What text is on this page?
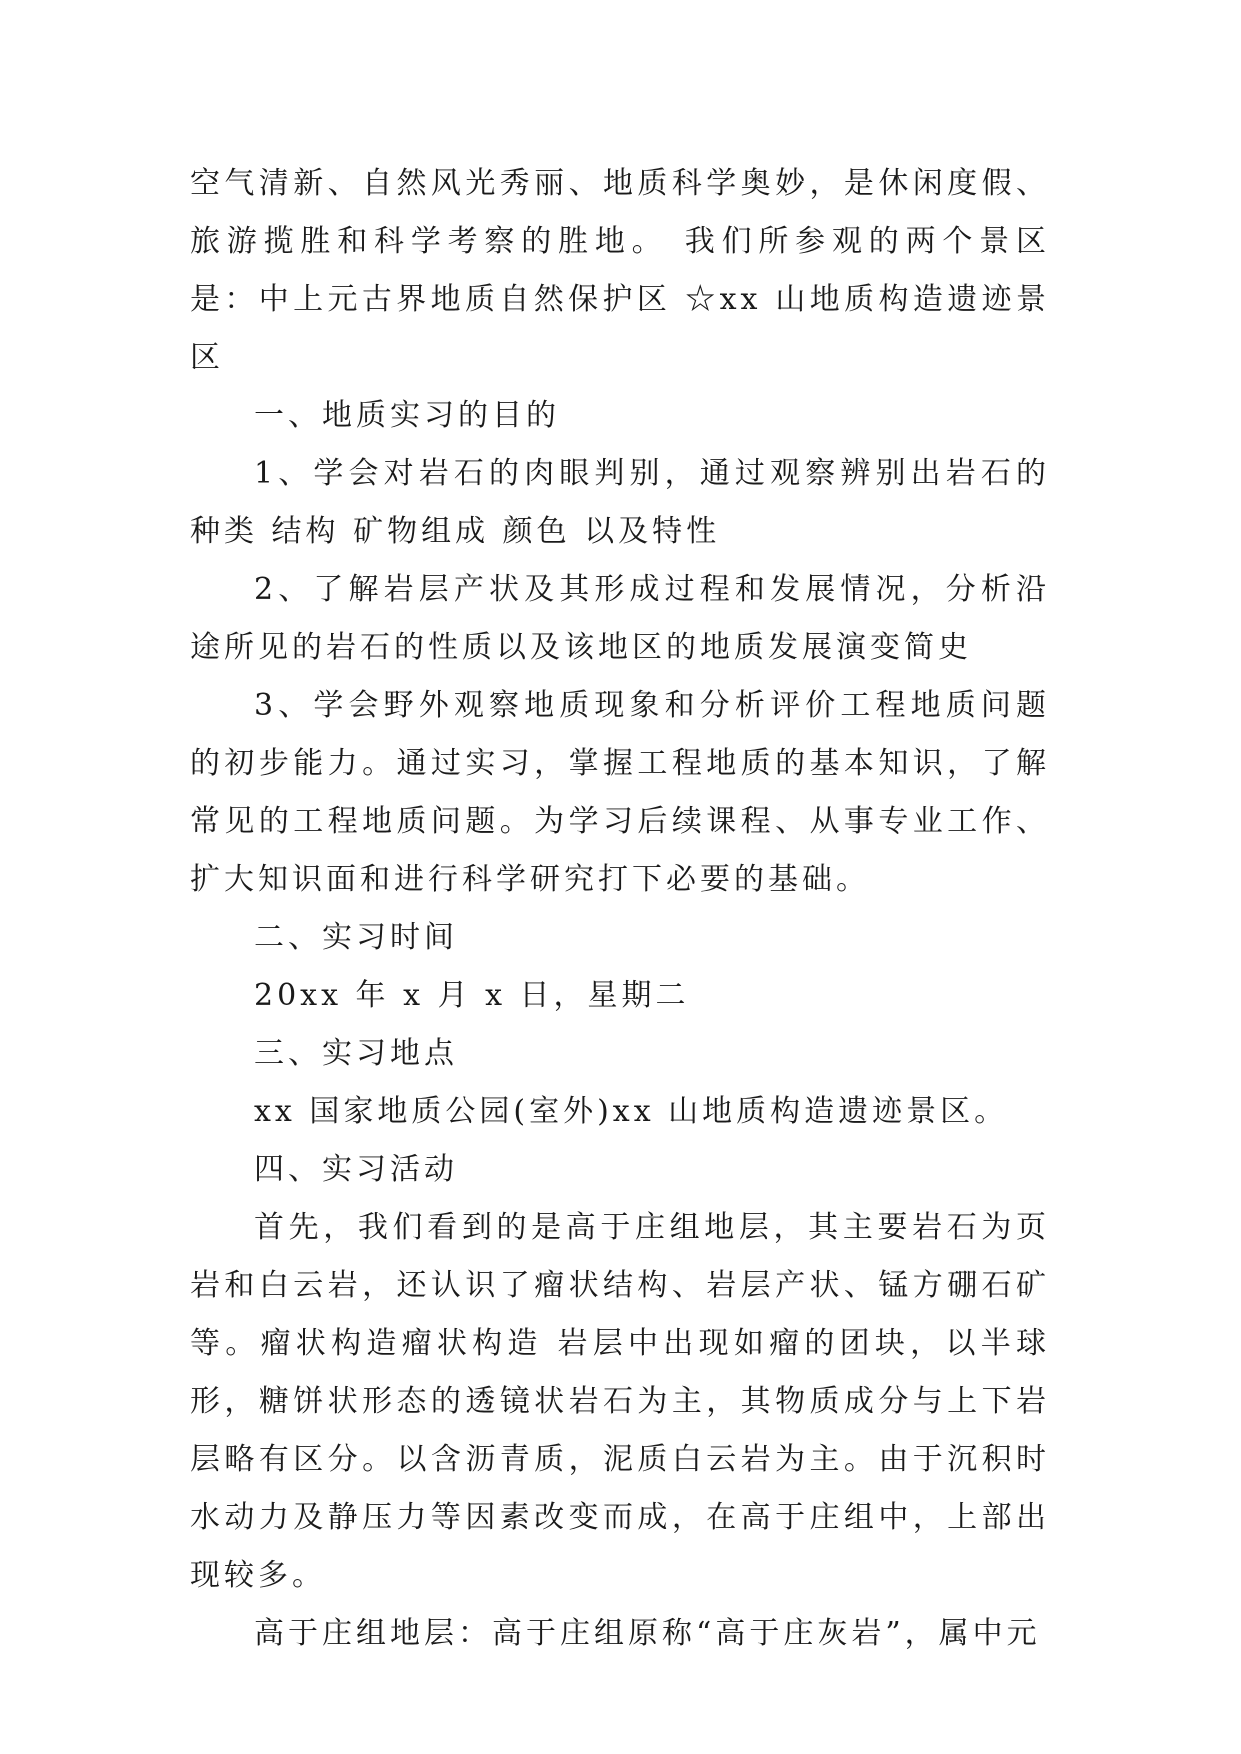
空气清新、自然风光秀丽、地质科学奥妙，是休闲度假、旅游揽胜和科学考察的胜地。 我们所参观的两个景区是：中上元古界地质自然保护区 ☆xx 山地质构造遗迹景区

一、地质实习的目的

1、学会对岩石的肉眼判别，通过观察辨别出岩石的种类 结构 矿物组成 颜色 以及特性

2、了解岩层产状及其形成过程和发展情况，分析沿途所见的岩石的性质以及该地区的地质发展演变简史

3、学会野外观察地质现象和分析评价工程地质问题的初步能力。通过实习，掌握工程地质的基本知识，了解常见的工程地质问题。为学习后续课程、从事专业工作、扩大知识面和进行科学研究打下必要的基础。

二、实习时间

20xx 年 x 月 x 日，星期二

三、实习地点

xx 国家地质公园(室外)xx 山地质构造遗迹景区。

四、实习活动

首先，我们看到的是高于庄组地层，其主要岩石为页岩和白云岩，还认识了瘤状结构、岩层产状、锰方硼石矿等。瘤状构造瘤状构造 岩层中出现如瘤的团块，以半球形，糖饼状形态的透镜状岩石为主，其物质成分与上下岩层略有区分。以含沥青质，泥质白云岩为主。由于沉积时水动力及静压力等因素改变而成，在高于庄组中，上部出现较多。

高于庄组地层：高于庄组原称“高于庄灰岩”，属中元
